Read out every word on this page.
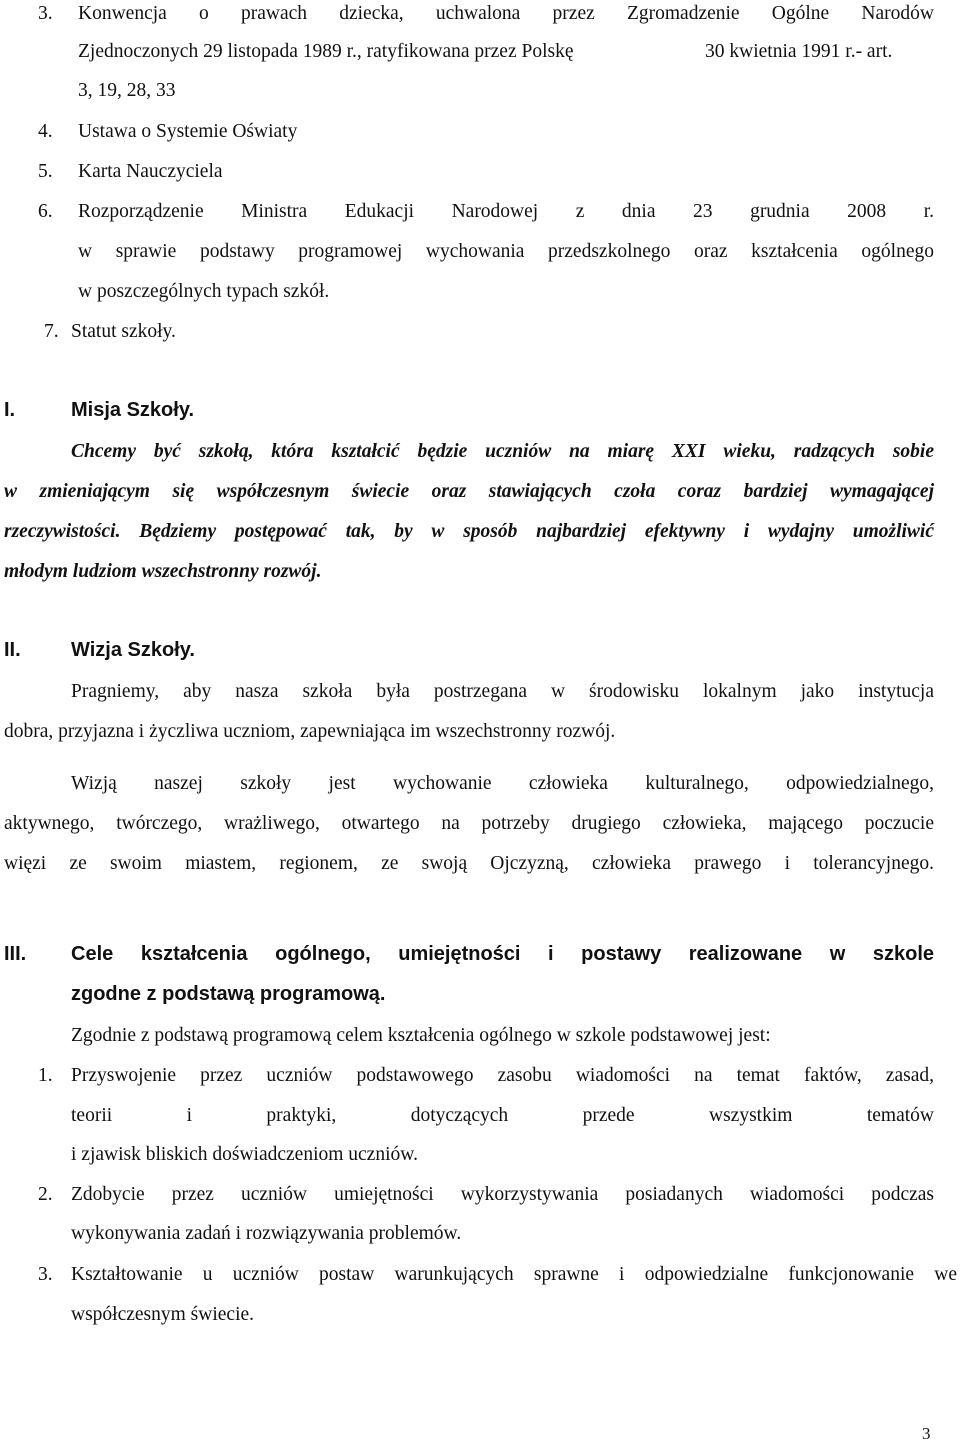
3. Konwencja o prawach dziecka, uchwalona przez Zgromadzenie Ogólne Narodów
Zjednoczonych 29 listopada 1989 r., ratyfikowana przez Polskę	30 kwietnia 1991 r.- art.
3, 19, 28, 33
4. Ustawa o Systemie Oświaty
5. Karta Nauczyciela
6. Rozporządzenie Ministra Edukacji Narodowej z dnia 23 grudnia 2008 r.
w sprawie podstawy programowej wychowania przedszkolnego oraz kształcenia ogólnego
w poszczególnych typach szkół.
7. Statut szkoły.
I.	Misja Szkoły.
Chcemy być szkołą, która kształcić będzie uczniów na miarę XXI wieku, radzących sobie
w zmieniającym się współczesnym świecie oraz stawiających czoła coraz bardziej wymagającej
rzeczywistości. Będziemy postępować tak, by w sposób najbardziej efektywny i wydajny umożliwić
młodym ludziom wszechstronny rozwój.
II.	Wizja Szkoły.
Pragniemy, aby nasza szkoła była postrzegana w środowisku lokalnym jako instytucja
dobra, przyjazna i życzliwa uczniom, zapewniająca im wszechstronny rozwój.
Wizją naszej szkoły jest wychowanie człowieka kulturalnego, odpowiedzialnego,
aktywnego, twórczego, wrażliwego, otwartego na potrzeby drugiego człowieka, mającego poczucie
więzi ze swoim miastem, regionem, ze swoją Ojczyzną, człowieka prawego i tolerancyjnego.
III. Cele kształcenia ogólnego, umiejętności i postawy realizowane w szkole
zgodne z podstawą programową.
Zgodnie z podstawą programową celem kształcenia ogólnego w szkole podstawowej jest:
1. Przyswojenie przez uczniów podstawowego zasobu wiadomości na temat faktów, zasad,
teorii i praktyki, dotyczących przede wszystkim tematów
i zjawisk bliskich doświadczeniom uczniów.
2. Zdobycie przez uczniów umiejętności wykorzystywania posiadanych wiadomości podczas
wykonywania zadań i rozwiązywania problemów.
3. Kształtowanie u uczniów postaw warunkujących sprawne i odpowiedzialne funkcjonowanie we
współczesnym świecie.
3
